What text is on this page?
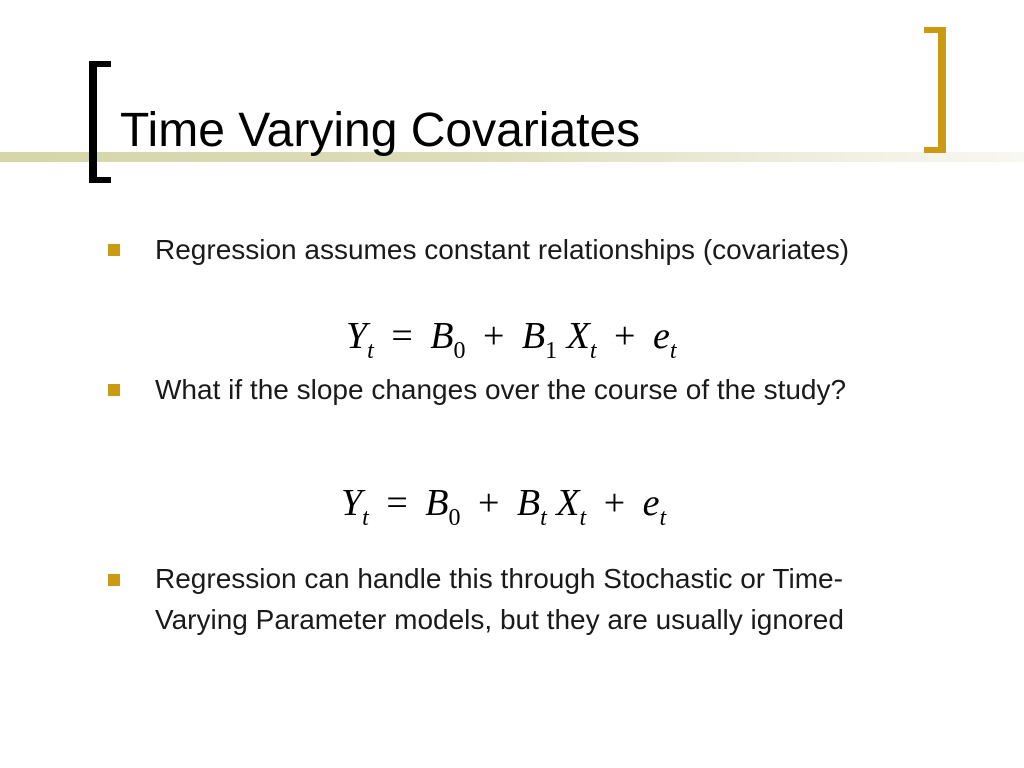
Time Varying Covariates
Regression assumes constant relationships (covariates)
$Y_t = B_0 + B_1$ $X_t + e_t$
What if the slope changes over the course of the study?
$Y_t = B_0 + B_t$ $X_t + e_t$
Regression can handle this through Stochastic or Time-Varying Parameter models, but they are usually ignored
